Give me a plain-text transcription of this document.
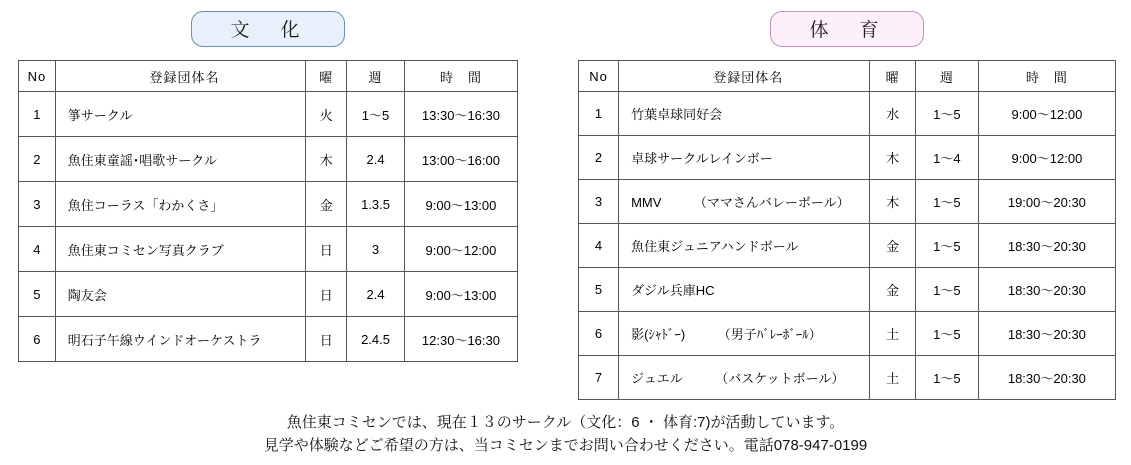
文　化
No	登録団体名	曜	週	時　間
1	箏サークル	火	1～5	13:30～16:30
2	魚住東童謡･唱歌サークル	木	2.4	13:00～16:00
3	魚住コーラス「わかくさ」	金	1.3.5	9:00～13:00
4	魚住東コミセン写真クラブ	日	3	9:00～12:00
5	陶友会	日	2.4	9:00～13:00
6	明石子午線ウインドオーケストラ	日	2.4.5	12:30～16:30
体　育
No	登録団体名	曜	週	時　間
1	竹葉卓球同好会	水	1～5	9:00～12:00
2	卓球サークルレインボー	木	1～4	9:00～12:00
3	MMV　　　（ママさんバレーボール）	木	1～5	19:00～20:30
4	魚住東ジュニアハンドボール	金	1～5	18:30～20:30
5	ダジル兵庫HC	金	1～5	18:30～20:30
6	影(ｼｬﾄﾞｰ)　　　（男子ﾊﾞﾚｰﾎﾞｰﾙ）	土	1～5	18:30～20:30
7	ジュエル　　　（バスケットボール）	土	1～5	18:30～20:30
魚住東コミセンでは、現在１３のサークル（文化：6 ・ 体育:7)が活動しています。
見学や体験などご希望の方は、当コミセンまでお問い合わせください。電話078-947-0199
